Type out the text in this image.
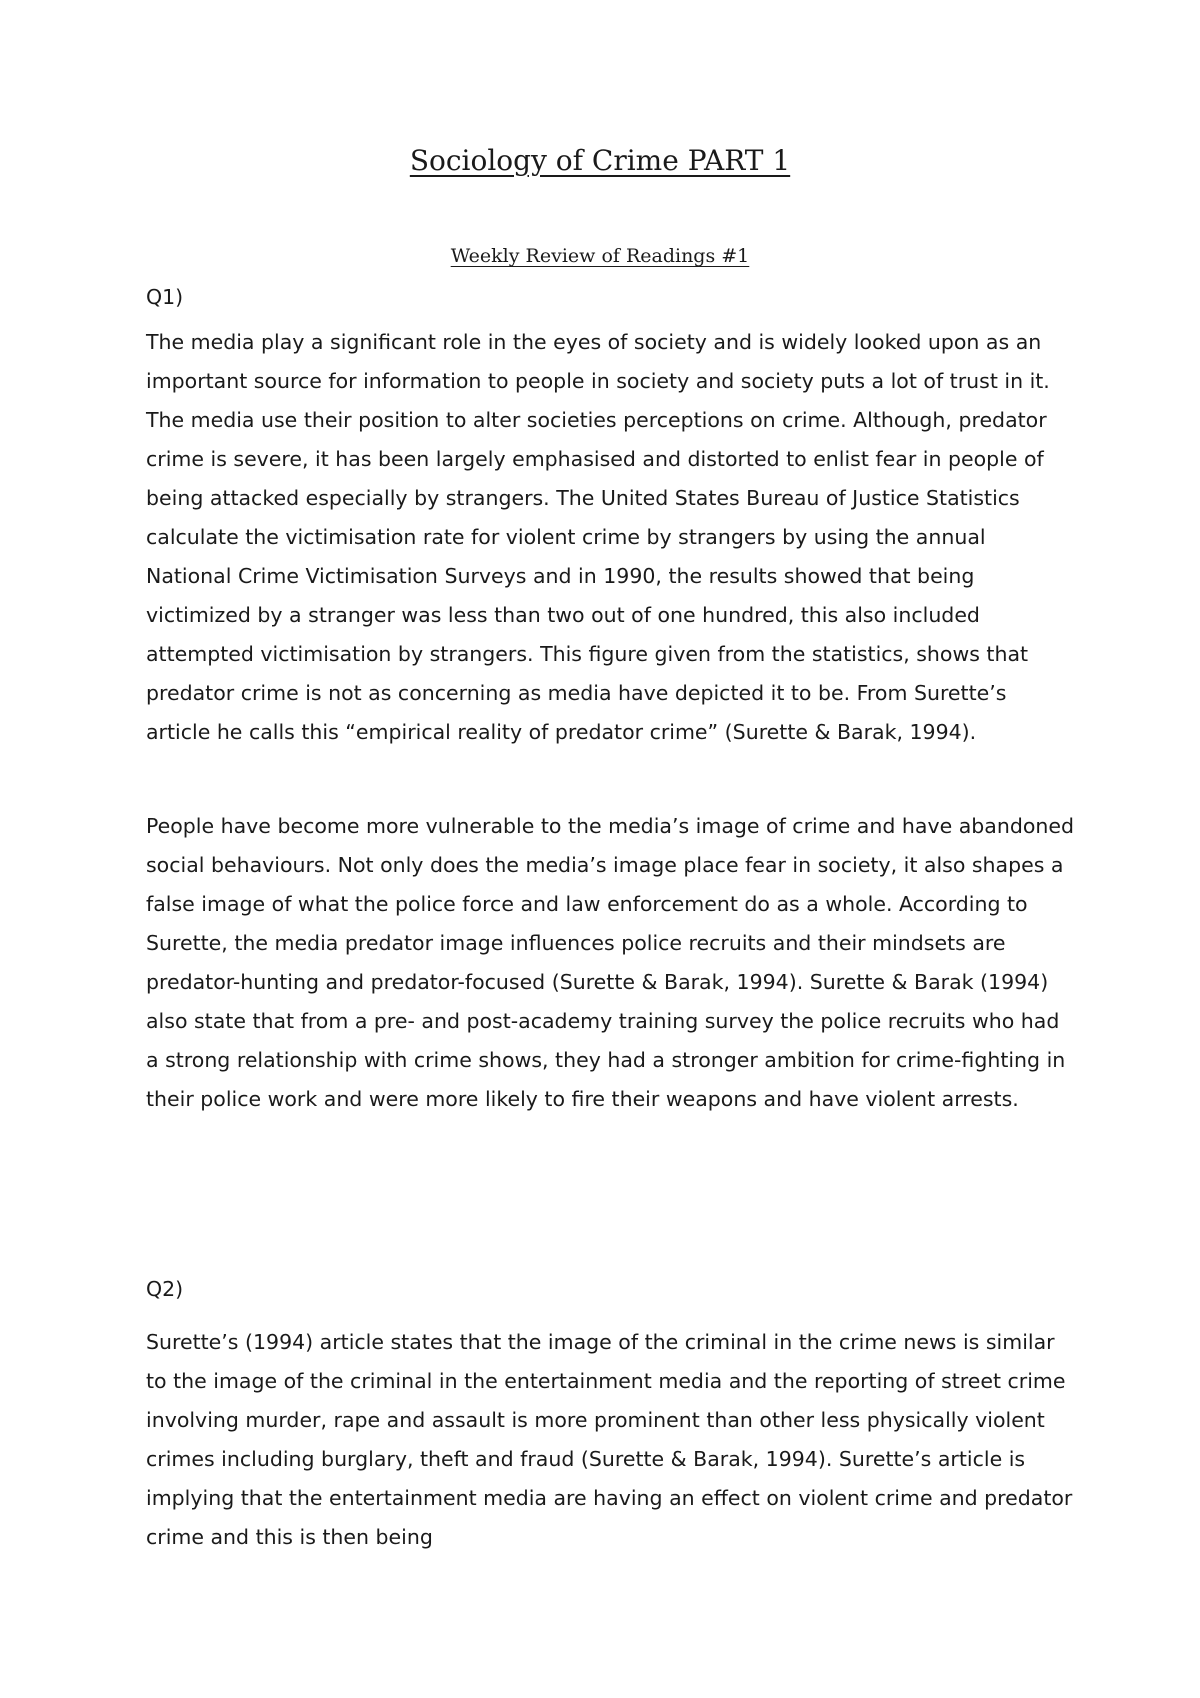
Sociology of Crime PART 1
Weekly Review of Readings #1

Q1)

The media play a significant role in the eyes of society and is widely looked upon as an important source for information to people in society and society puts a lot of trust in it. The media use their position to alter societies perceptions on crime. Although, predator crime is severe, it has been largely emphasised and distorted to enlist fear in people of being attacked especially by strangers. The United States Bureau of Justice Statistics calculate the victimisation rate for violent crime by strangers by using the annual National Crime Victimisation Surveys and in 1990, the results showed that being victimized by a stranger was less than two out of one hundred, this also included attempted victimisation by strangers. This figure given from the statistics, shows that predator crime is not as concerning as media have depicted it to be. From Surette’s article he calls this “empirical reality of predator crime” (Surette & Barak, 1994).

People have become more vulnerable to the media’s image of crime and have abandoned social behaviours. Not only does the media’s image place fear in society, it also shapes a false image of what the police force and law enforcement do as a whole. According to Surette, the media predator image influences police recruits and their mindsets are predator-hunting and predator-focused (Surette & Barak, 1994). Surette & Barak (1994) also state that from a pre- and post-academy training survey the police recruits who had a strong relationship with crime shows, they had a stronger ambition for crime-fighting in their police work and were more likely to fire their weapons and have violent arrests.

Q2)

Surette’s (1994) article states that the image of the criminal in the crime news is similar to the image of the criminal in the entertainment media and the reporting of street crime involving murder, rape and assault is more prominent than other less physically violent crimes including burglary, theft and fraud (Surette & Barak, 1994). Surette’s article is implying that the entertainment media are having an effect on violent crime and predator crime and this is then being
